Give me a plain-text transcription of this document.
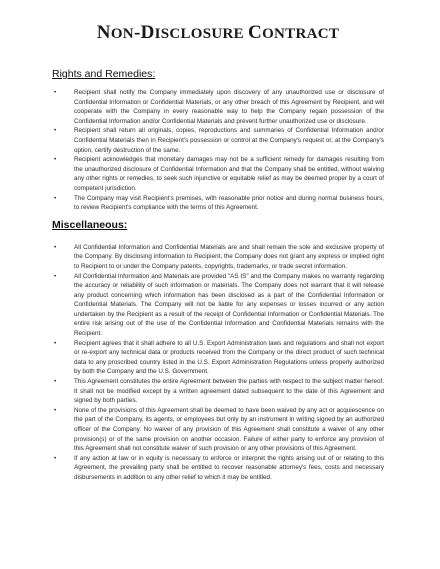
NON-DISCLOSURE CONTRACT
Rights and Remedies:
•	Recipient shall notify the Company immediately upon discovery of any unauthorized use or disclosure of Confidential Information or Confidential Materials, or any other breach of this Agreement by Recipient, and will cooperate with the Company in every reasonable way to help the Company regain possession of the Confidential Information and/or Confidential Materials and prevent further unauthorized use or disclosure.
•	Recipient shall return all originals, copies, reproductions and summaries of Confidential Information and/or Confidential Materials then in Recipient's possession or control at the Company's request or, at the Company's option, certify destruction of the same.
•	Recipient acknowledges that monetary damages may not be a sufficient remedy for damages resulting from the unauthorized disclosure of Confidential Information and that the Company shall be entitled, without waiving any other rights or remedies, to seek such injunctive or equitable relief as may be deemed proper by a court of competent jurisdiction.
•	The Company may visit Recipient's premises, with reasonable prior notice and during normal business hours, to review Recipient's compliance with the terms of this Agreement.
Miscellaneous:
•	All Confidential Information and Confidential Materials are and shall remain the sole and exclusive property of the Company. By disclosing information to Recipient, the Company does not grant any express or implied right to Recipient to or under the Company patents, copyrights, trademarks, or trade secret information.
•	All Confidential Information and Materials are provided "AS IS" and the Company makes no warranty regarding the accuracy or reliability of such information or materials. The Company does not warrant that it will release any product concerning which information has been disclosed as a part of the Confidential Information or Confidential Materials. The Company will not be liable for any expenses or losses incurred or any action undertaken by the Recipient as a result of the receipt of Confidential Information or Confidential Materials. The entire risk arising out of the use of the Confidential Information and Confidential Materials remains with the Recipient.
•	Recipient agrees that it shall adhere to all U.S. Export Administration laws and regulations and shall not export or re-export any technical data or products received from the Company or the direct product of such technical data to any proscribed country listed in the U.S. Export Administration Regulations unless properly authorized by both the Company and the U.S. Government.
•	This Agreement constitutes the entire Agreement between the parties with respect to the subject matter hereof. It shall not be modified except by a written agreement dated subsequent to the date of this Agreement and signed by both parties.
•	None of the provisions of this Agreement shall be deemed to have been waived by any act or acquiescence on the part of the Company, its agents, or employees but only by an instrument in writing signed by an authorized officer of the Company. No waiver of any provision of this Agreement shall constitute a waiver of any other provision(s) or of the same provision on another occasion. Failure of either party to enforce any provision of this Agreement shall not constitute waiver of such provision or any other provisions of this Agreement.
•	If any action at law or in equity is necessary to enforce or interpret the rights arising out of or relating to this Agreement, the prevailing party shall be entitled to recover reasonable attorney's fees, costs and necessary disbursements in addition to any other relief to which it may be entitled.
